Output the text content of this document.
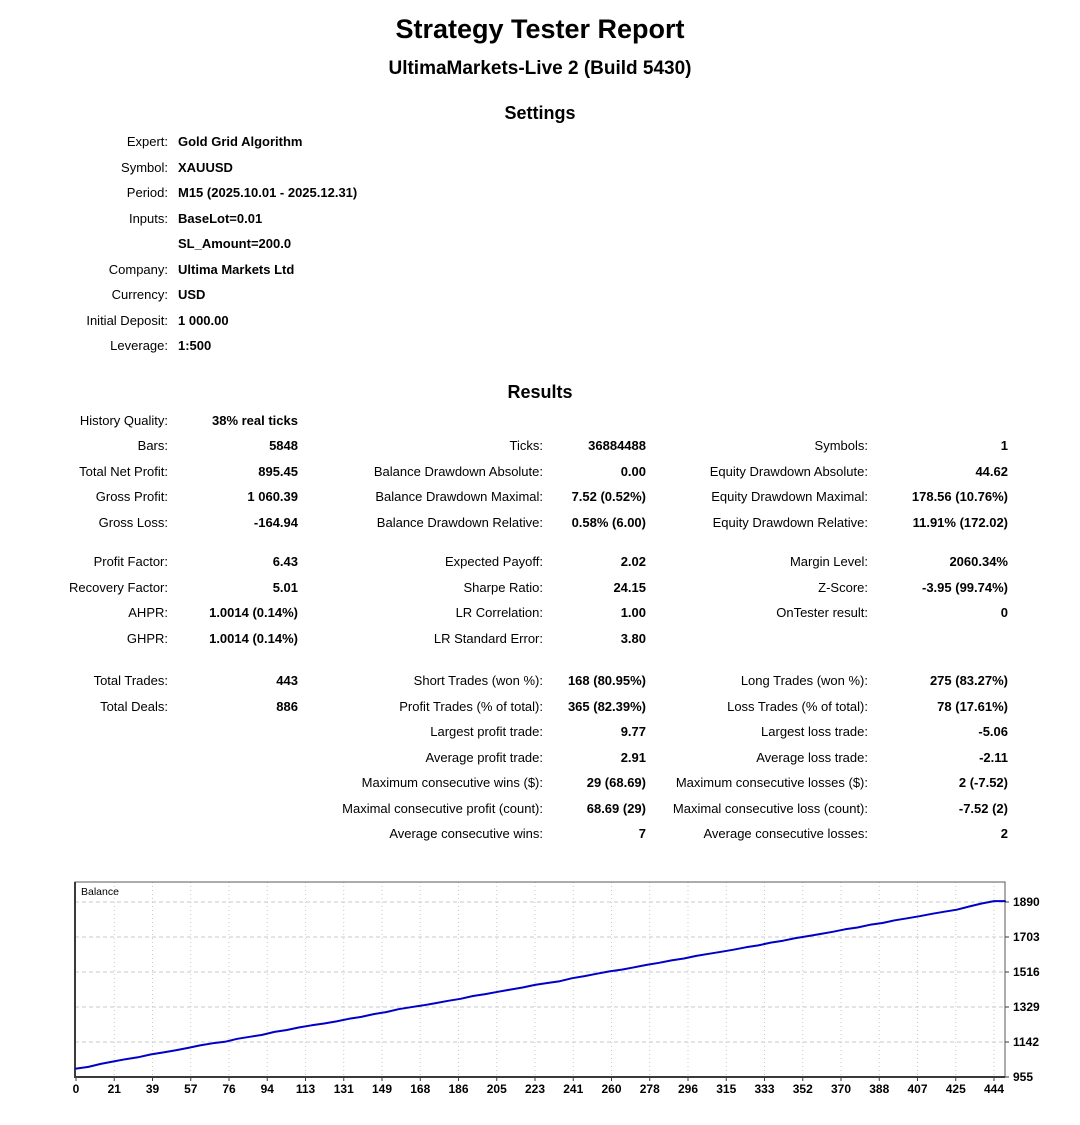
Strategy Tester Report
UltimaMarkets-Live 2 (Build 5430)
Settings
Expert: Gold Grid Algorithm
Symbol: XAUUSD
Period: M15 (2025.10.01 - 2025.12.31)
Inputs: BaseLot=0.01
SL_Amount=200.0
Company: Ultima Markets Ltd
Currency: USD
Initial Deposit: 1 000.00
Leverage: 1:500
Results
History Quality:	38% real ticks
Bars:	5848	Ticks:	36884488	Symbols:	1
Total Net Profit:	895.45	Balance Drawdown Absolute:	0.00	Equity Drawdown Absolute:	44.62
Gross Profit:	1 060.39	Balance Drawdown Maximal:	7.52 (0.52%)	Equity Drawdown Maximal:	178.56 (10.76%)
Gross Loss:	-164.94	Balance Drawdown Relative:	0.58% (6.00)	Equity Drawdown Relative:	11.91% (172.02)
Profit Factor:	6.43	Expected Payoff:	2.02	Margin Level:	2060.34%
Recovery Factor:	5.01	Sharpe Ratio:	24.15	Z-Score:	-3.95 (99.74%)
AHPR:	1.0014 (0.14%)	LR Correlation:	1.00	OnTester result:	0
GHPR:	1.0014 (0.14%)	LR Standard Error:	3.80
Total Trades:	443	Short Trades (won %):	168 (80.95%)	Long Trades (won %):	275 (83.27%)
Total Deals:	886	Profit Trades (% of total):	365 (82.39%)	Loss Trades (% of total):	78 (17.61%)
Largest profit trade:	9.77	Largest loss trade:	-5.06
Average profit trade:	2.91	Average loss trade:	-2.11
Maximum consecutive wins ($):	29 (68.69)	Maximum consecutive losses ($):	2 (-7.52)
Maximal consecutive profit (count):	68.69 (29)	Maximal consecutive loss (count):	-7.52 (2)
Average consecutive wins:	7	Average consecutive losses:	2
0 21 39 57 76 94 113 131 149 168 186 205 223 241 260 278 296 315 333 352 370 388 407 425 444
955
1142
1329
1516
1703
1890
Balance
